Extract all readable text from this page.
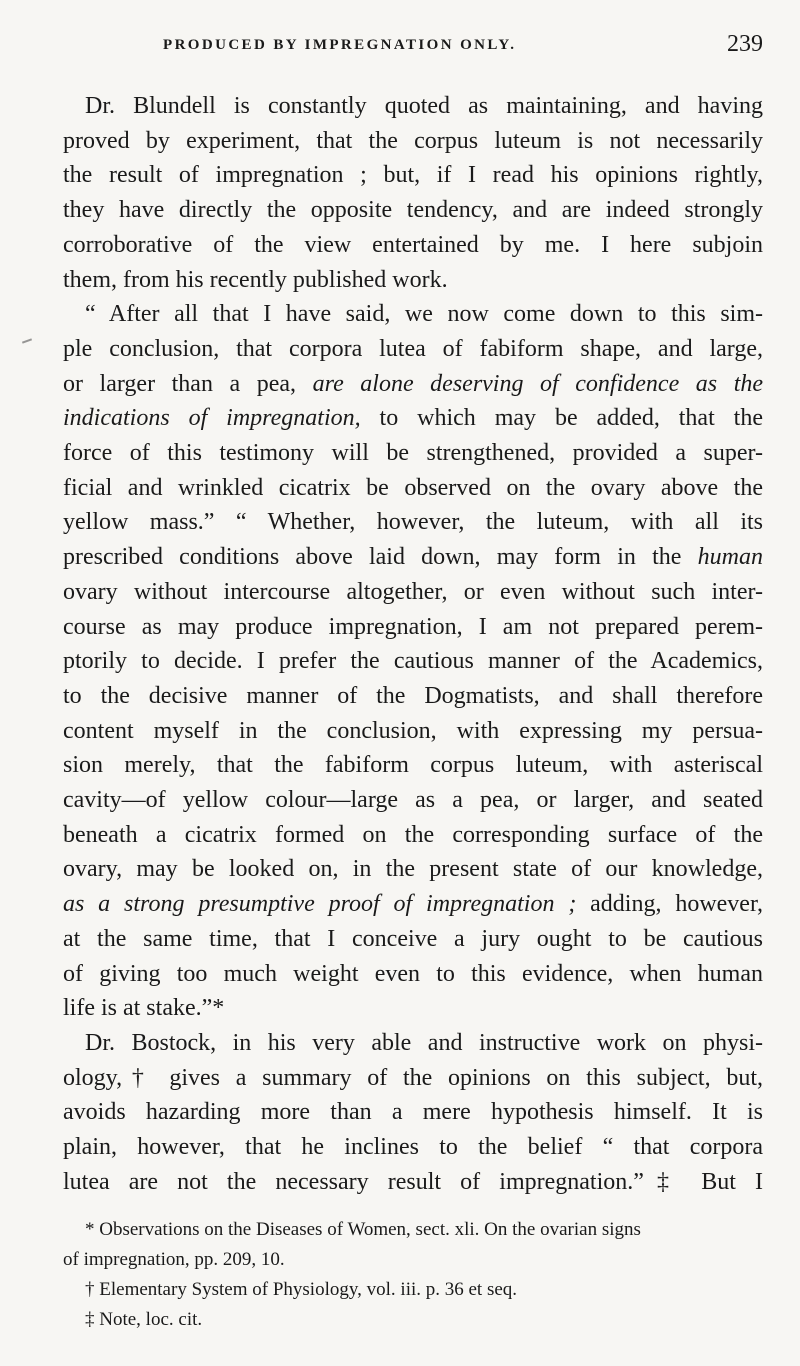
PRODUCED BY IMPREGNATION ONLY.	239
Dr. Blundell is constantly quoted as maintaining, and having
proved by experiment, that the corpus luteum is not necessarily
the result of impregnation ; but, if I read his opinions rightly,
they have directly the opposite tendency, and are indeed strongly
corroborative of the view entertained by me. I here subjoin
them, from his recently published work.
“ After all that I have said, we now come down to this sim-
ple conclusion, that corpora lutea of fabiform shape, and large,
or larger than a pea, are alone deserving of confidence as the
indications of impregnation, to which may be added, that the
force of this testimony will be strengthened, provided a super-
ficial and wrinkled cicatrix be observed on the ovary above the
yellow mass.” “ Whether, however, the luteum, with all its
prescribed conditions above laid down, may form in the human
ovary without intercourse altogether, or even without such inter-
course as may produce impregnation, I am not prepared perem-
ptorily to decide. I prefer the cautious manner of the Academics,
to the decisive manner of the Dogmatists, and shall therefore
content myself in the conclusion, with expressing my persua-
sion merely, that the fabiform corpus luteum, with asteriscal
cavity—of yellow colour—large as a pea, or larger, and seated
beneath a cicatrix formed on the corresponding surface of the
ovary, may be looked on, in the present state of our knowledge,
as a strong presumptive proof of impregnation ; adding, however,
at the same time, that I conceive a jury ought to be cautious
of giving too much weight even to this evidence, when human
life is at stake.”*
Dr. Bostock, in his very able and instructive work on physi-
ology,† gives a summary of the opinions on this subject, but,
avoids hazarding more than a mere hypothesis himself. It is
plain, however, that he inclines to the belief “ that corpora
lutea are not the necessary result of impregnation.”‡ But I
* Observations on the Diseases of Women, sect. xli. On the ovarian signs
of impregnation, pp. 209, 10.
† Elementary System of Physiology, vol. iii. p. 36 et seq.
‡ Note, loc. cit.
